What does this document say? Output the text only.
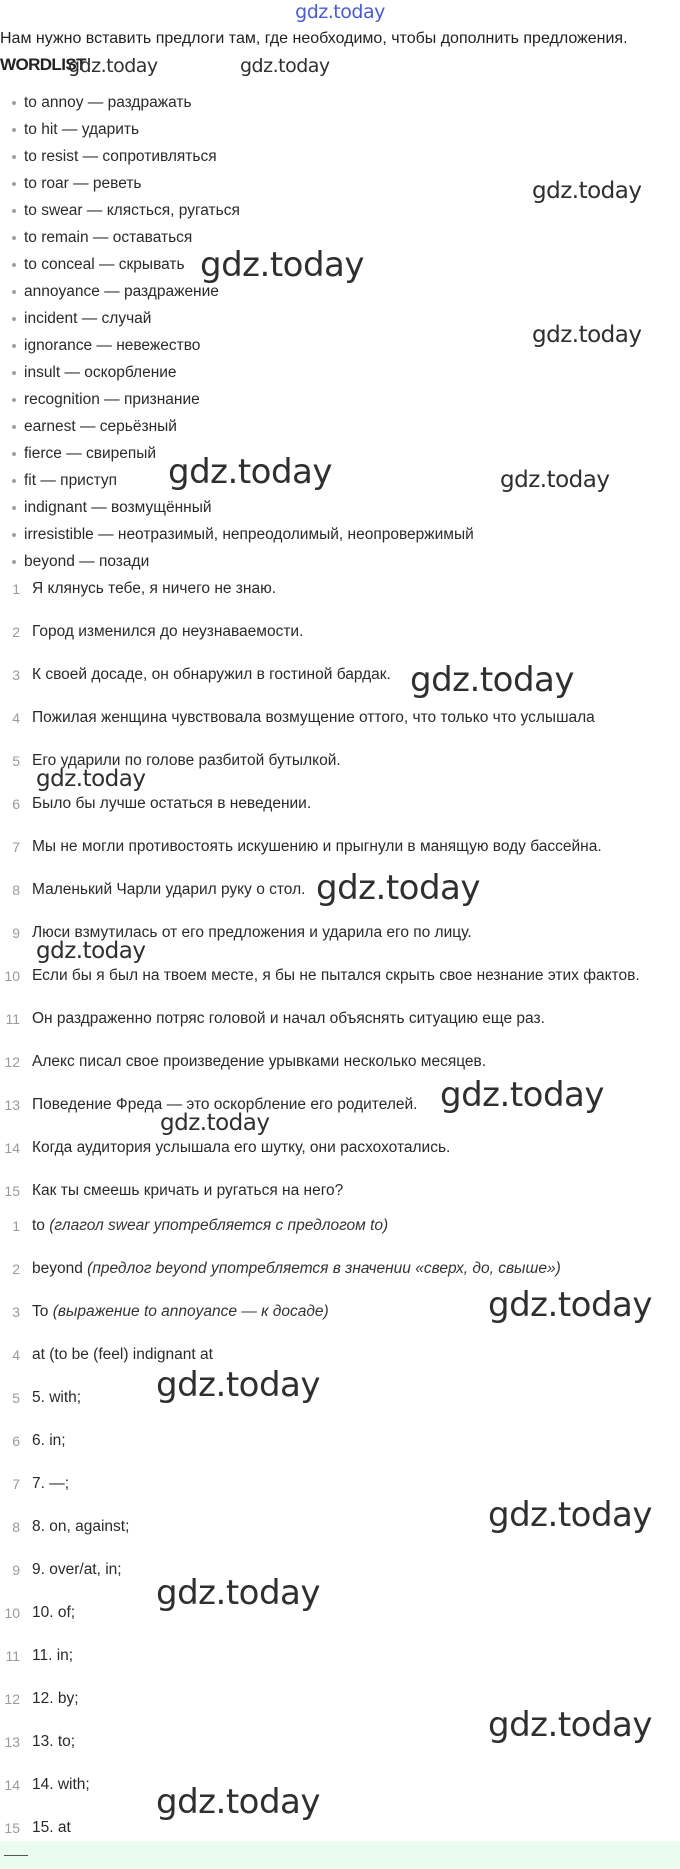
gdz.today
Нам нужно вставить предлоги там, где необходимо, чтобы дополнить предложения.
WORDLIST
to annoy — раздражать
to hit — ударить
to resist — сопротивляться
to roar — реветь
to swear — клясться, ругаться
to remain — оставаться
to conceal — скрывать
annoyance — раздражение
incident — случай
ignorance — невежество
insult — оскорбление
recognition — признание
earnest — серьёзный
fierce — свирепый
fit — приступ
indignant — возмущённый
irresistible — неотразимый, непреодолимый, неопровержимый
beyond — позади
1 Я клянусь тебе, я ничего не знаю.
2 Город изменился до неузнаваемости.
3 К своей досаде, он обнаружил в гостиной бардак.
4 Пожилая женщина чувствовала возмущение оттого, что только что услышала
5 Его ударили по голове разбитой бутылкой.
6 Было бы лучше остаться в неведении.
7 Мы не могли противостоять искушению и прыгнули в манящую воду бассейна.
8 Маленький Чарли ударил руку о стол.
9 Люси взмутилась от его предложения и ударила его по лицу.
10 Если бы я был на твоем месте, я бы не пытался скрыть свое незнание этих фактов.
11 Он раздраженно потряс головой и начал объяснять ситуацию еще раз.
12 Алекс писал свое произведение урывками несколько месяцев.
13 Поведение Фреда — это оскорбление его родителей.
14 Когда аудитория услышала его шутку, они расхохотались.
15 Как ты смеешь кричать и ругаться на него?
1 to (глагол swear употребляется с предлогом to)
2 beyond (предлог beyond употребляется в значении «сверх, до, свыше»)
3 To (выражение to annoyance — к досаде)
4 at (to be (feel) indignant at
5 5. with;
6 6. in;
7 7. —;
8 8. on, against;
9 9. over/at, in;
10 10. of;
11 11. in;
12 12. by;
13 13. to;
14 14. with;
15 15. at
gdz.today	gdz.today
gdz.today
gdz.today
gdz.today
gdz.today	gdz.today
gdz.today
gdz.today
gdz.today
gdz.today
gdz.today
gdz.today
gdz.today
gdz.today
gdz.today
gdz.today
gdz.today
gdz.today
